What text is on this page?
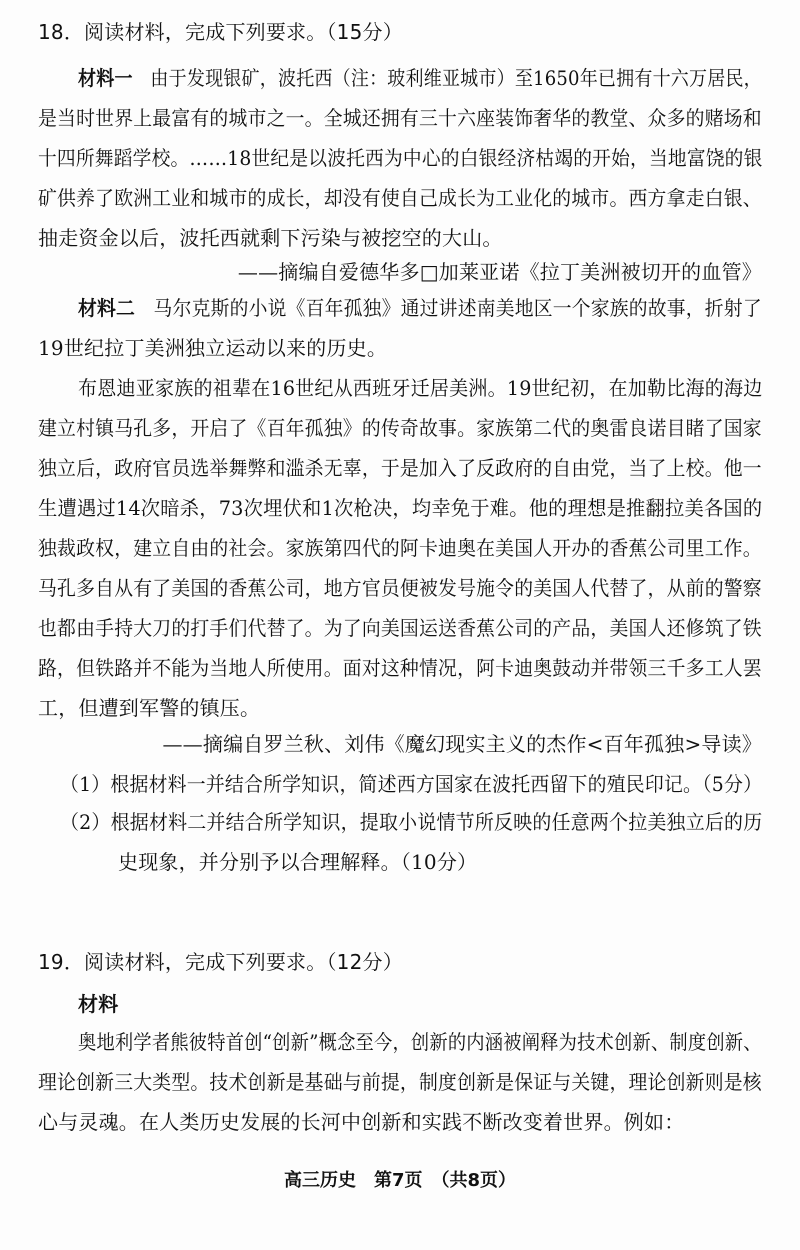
18．阅读材料，完成下列要求。（15分）
材料一 由于发现银矿，波托西（注：玻利维亚城市）至1650年已拥有十六万居民，
是当时世界上最富有的城市之一。全城还拥有三十六座装饰奢华的教堂、众多的赌场和
十四所舞蹈学校。……18世纪是以波托西为中心的白银经济枯竭的开始，当地富饶的银
矿供养了欧洲工业和城市的成长，却没有使自己成长为工业化的城市。西方拿走白银、
抽走资金以后，波托西就剩下污染与被挖空的大山。
——摘编自爱德华多□加莱亚诺《拉丁美洲被切开的血管》
材料二 马尔克斯的小说《百年孤独》通过讲述南美地区一个家族的故事，折射了
19世纪拉丁美洲独立运动以来的历史。
布恩迪亚家族的祖辈在16世纪从西班牙迁居美洲。19世纪初，在加勒比海的海边
建立村镇马孔多，开启了《百年孤独》的传奇故事。家族第二代的奥雷良诺目睹了国家
独立后，政府官员选举舞弊和滥杀无辜，于是加入了反政府的自由党，当了上校。他一
生遭遇过14次暗杀，73次埋伏和1次枪决，均幸免于难。他的理想是推翻拉美各国的
独裁政权，建立自由的社会。家族第四代的阿卡迪奥在美国人开办的香蕉公司里工作。
马孔多自从有了美国的香蕉公司，地方官员便被发号施令的美国人代替了，从前的警察
也都由手持大刀的打手们代替了。为了向美国运送香蕉公司的产品，美国人还修筑了铁
路，但铁路并不能为当地人所使用。面对这种情况，阿卡迪奥鼓动并带领三千多工人罢
工，但遭到军警的镇压。
——摘编自罗兰秋、刘伟《魔幻现实主义的杰作<百年孤独>导读》
（1）根据材料一并结合所学知识，简述西方国家在波托西留下的殖民印记。（5分）
（2）根据材料二并结合所学知识，提取小说情节所反映的任意两个拉美独立后的历
史现象，并分别予以合理解释。（10分）
19．阅读材料，完成下列要求。（12分）
材料
奥地利学者熊彼特首创“创新”概念至今，创新的内涵被阐释为技术创新、制度创新、
理论创新三大类型。技术创新是基础与前提，制度创新是保证与关键，理论创新则是核
心与灵魂。在人类历史发展的长河中创新和实践不断改变着世界。例如：
高三历史　第7页　（共8页）
